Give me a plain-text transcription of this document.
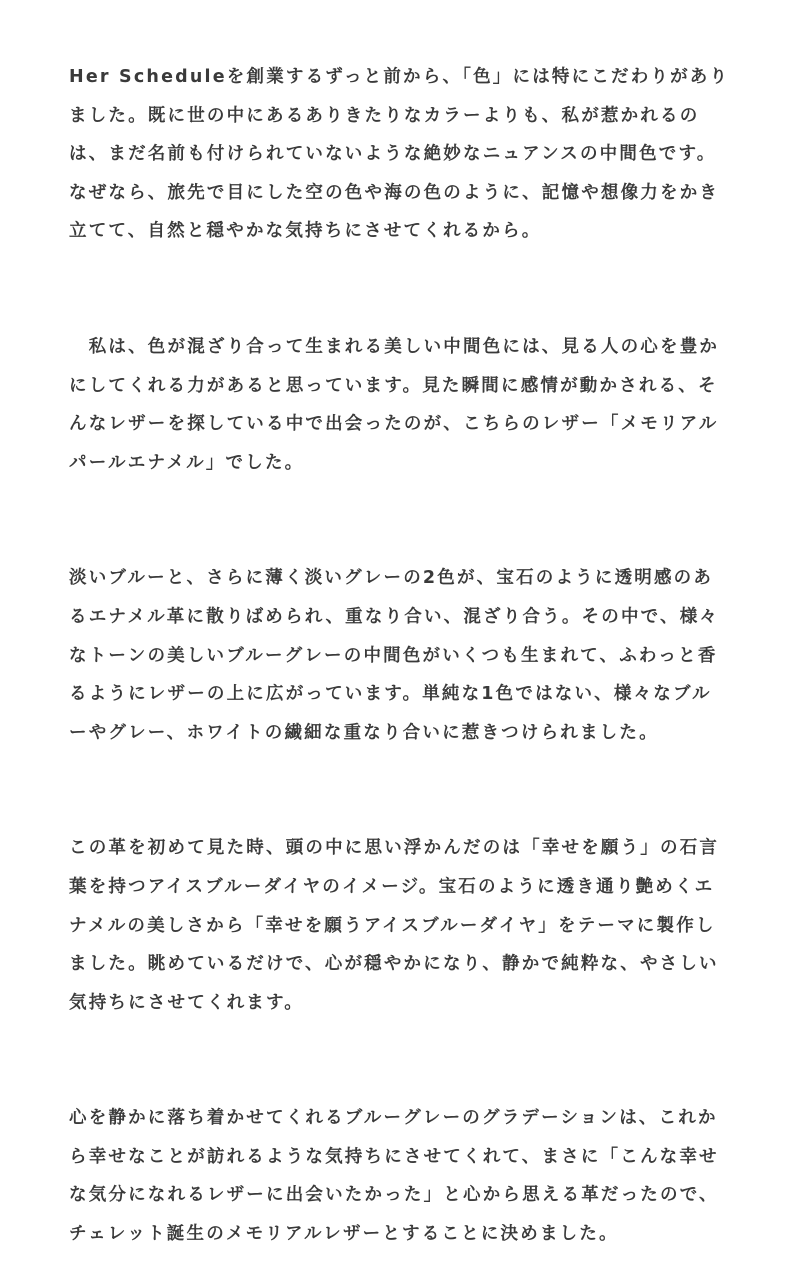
Her Scheduleを創業するずっと前から、「色」には特にこだわりがありました。既に世の中にあるありきたりなカラーよりも、私が惹かれるのは、まだ名前も付けられていないような絶妙なニュアンスの中間色です。なぜなら、旅先で目にした空の色や海の色のように、記憶や想像力をかき立てて、自然と穏やかな気持ちにさせてくれるから。

　私は、色が混ざり合って生まれる美しい中間色には、見る人の心を豊かにしてくれる力があると思っています。見た瞬間に感情が動かされる、そんなレザーを探している中で出会ったのが、こちらのレザー「メモリアルパールエナメル」でした。

淡いブルーと、さらに薄く淡いグレーの2色が、宝石のように透明感のあるエナメル革に散りばめられ、重なり合い、混ざり合う。その中で、様々なトーンの美しいブルーグレーの中間色がいくつも生まれて、ふわっと香るようにレザーの上に広がっています。単純な1色ではない、様々なブルーやグレー、ホワイトの繊細な重なり合いに惹きつけられました。

この革を初めて見た時、頭の中に思い浮かんだのは「幸せを願う」の石言葉を持つアイスブルーダイヤのイメージ。宝石のように透き通り艶めくエナメルの美しさから「幸せを願うアイスブルーダイヤ」をテーマに製作しました。眺めているだけで、心が穏やかになり、静かで純粋な、やさしい気持ちにさせてくれます。

心を静かに落ち着かせてくれるブルーグレーのグラデーションは、これから幸せなことが訪れるような気持ちにさせてくれて、まさに「こんな幸せな気分になれるレザーに出会いたかった」と心から思える革だったので、チェレット誕生のメモリアルレザーとすることに決めました。
